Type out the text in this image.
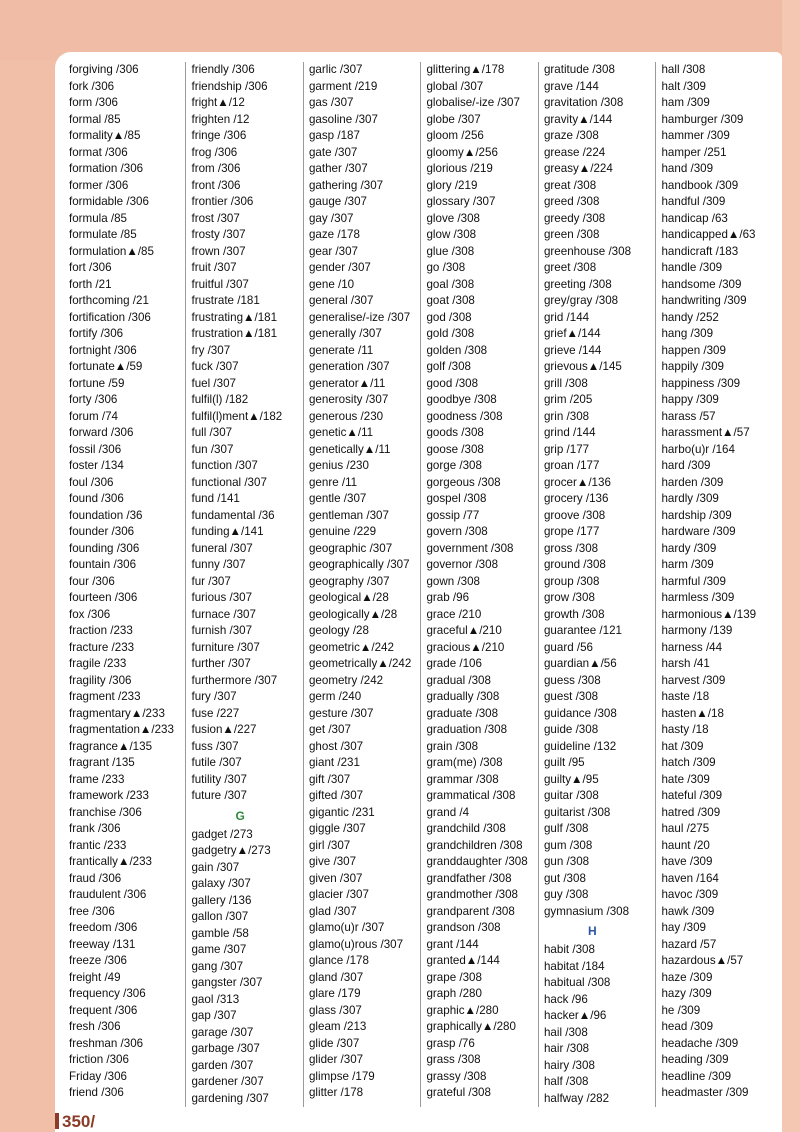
forgiving /306
fork /306
form /306
formal /85
formality▲/85
format /306
formation /306
former /306
formidable /306
formula /85
formulate /85
formulation▲/85
fort /306
forth /21
forthcoming /21
fortification /306
fortify /306
fortnight /306
fortunate▲/59
fortune /59
forty /306
forum /74
forward /306
fossil /306
foster /134
foul /306
found /306
foundation /36
founder /306
founding /306
fountain /306
four /306
fourteen /306
fox /306
fraction /233
fracture /233
fragile /233
fragility /306
fragment /233
fragmentary▲/233
fragmentation▲/233
fragrance▲/135
fragrant /135
frame /233
framework /233
franchise /306
frank /306
frantic /233
frantically▲/233
fraud /306
fraudulent /306
free /306
freedom /306
freeway /131
freeze /306
freight /49
frequency /306
frequent /306
fresh /306
freshman /306
friction /306
Friday /306
friend /306
friendly /306
friendship /306
fright▲/12
frighten /12
fringe /306
frog /306
from /306
front /306
frontier /306
frost /307
frosty /307
frown /307
fruit /307
fruitful /307
frustrate /181
frustrating▲/181
frustration▲/181
fry /307
fuck /307
fuel /307
fulfil(l) /182
fulfil(l)ment▲/182
full /307
fun /307
function /307
functional /307
fund /141
fundamental /36
funding▲/141
funeral /307
funny /307
fur /307
furious /307
furnace /307
furnish /307
furniture /307
further /307
furthermore /307
fury /307
fuse /227
fusion▲/227
fuss /307
futile /307
futility /307
future /307
G
gadget /273
gadgetry▲/273
gain /307
galaxy /307
gallery /136
gallon /307
gamble /58
game /307
gang /307
gangster /307
gaol /313
gap /307
garage /307
garbage /307
garden /307
gardener /307
gardening /307
garlic /307
garment /219
gas /307
gasoline /307
gasp /187
gate /307
gather /307
gathering /307
gauge /307
gay /307
gaze /178
gear /307
gender /307
gene /10
general /307
generalise/-ize /307
generally /307
generate /11
generation /307
generator▲/11
generosity /307
generous /230
genetic▲/11
genetically▲/11
genius /230
genre /11
gentle /307
gentleman /307
genuine /229
geographic /307
geographically /307
geography /307
geological▲/28
geologically▲/28
geology /28
geometric▲/242
geometrically▲/242
geometry /242
germ /240
gesture /307
get /307
ghost /307
giant /231
gift /307
gifted /307
gigantic /231
giggle /307
girl /307
give /307
given /307
glacier /307
glad /307
glamo(u)r /307
glamo(u)rous /307
glance /178
gland /307
glare /179
glass /307
gleam /213
glide /307
glider /307
glimpse /179
glitter /178
glittering▲/178
global /307
globalise/-ize /307
globe /307
gloom /256
gloomy▲/256
glorious /219
glory /219
glossary /307
glove /308
glow /308
glue /308
go /308
goal /308
goat /308
god /308
gold /308
golden /308
golf /308
good /308
goodbye /308
goodness /308
goods /308
goose /308
gorge /308
gorgeous /308
gospel /308
gossip /77
govern /308
government /308
governor /308
gown /308
grab /96
grace /210
graceful▲/210
gracious▲/210
grade /106
gradual /308
gradually /308
graduate /308
graduation /308
grain /308
gram(me) /308
grammar /308
grammatical /308
grand /4
grandchild /308
grandchildren /308
granddaughter /308
grandfather /308
grandmother /308
grandparent /308
grandson /308
grant /144
granted▲/144
grape /308
graph /280
graphic▲/280
graphically▲/280
grasp /76
grass /308
grassy /308
grateful /308
gratitude /308
grave /144
gravitation /308
gravity▲/144
graze /308
grease /224
greasy▲/224
great /308
greed /308
greedy /308
green /308
greenhouse /308
greet /308
greeting /308
grey/gray /308
grid /144
grief▲/144
grieve /144
grievous▲/145
grill /308
grim /205
grin /308
grind /144
grip /177
groan /177
grocer▲/136
grocery /136
groove /308
grope /177
gross /308
ground /308
group /308
grow /308
growth /308
guarantee /121
guard /56
guardian▲/56
guess /308
guest /308
guidance /308
guide /308
guideline /132
guilt /95
guilty▲/95
guitar /308
guitarist /308
gulf /308
gum /308
gun /308
gut /308
guy /308
gymnasium /308
H
habit /308
habitat /184
habitual /308
hack /96
hacker▲/96
hail /308
hair /308
hairy /308
half /308
halfway /282
hall /308
halt /309
ham /309
hamburger /309
hammer /309
hamper /251
hand /309
handbook /309
handful /309
handicap /63
handicapped▲/63
handicraft /183
handle /309
handsome /309
handwriting /309
handy /252
hang /309
happen /309
happily /309
happiness /309
happy /309
harass /57
harassment▲/57
harbo(u)r /164
hard /309
harden /309
hardly /309
hardship /309
hardware /309
hardy /309
harm /309
harmful /309
harmless /309
harmonious▲/139
harmony /139
harness /44
harsh /41
harvest /309
haste /18
hasten▲/18
hasty /18
hat /309
hatch /309
hate /309
hateful /309
hatred /309
haul /275
haunt /20
have /309
haven /164
havoc /309
hawk /309
hay /309
hazard /57
hazardous▲/57
haze /309
hazy /309
he /309
head /309
headache /309
heading /309
headline /309
headmaster /309
350/
